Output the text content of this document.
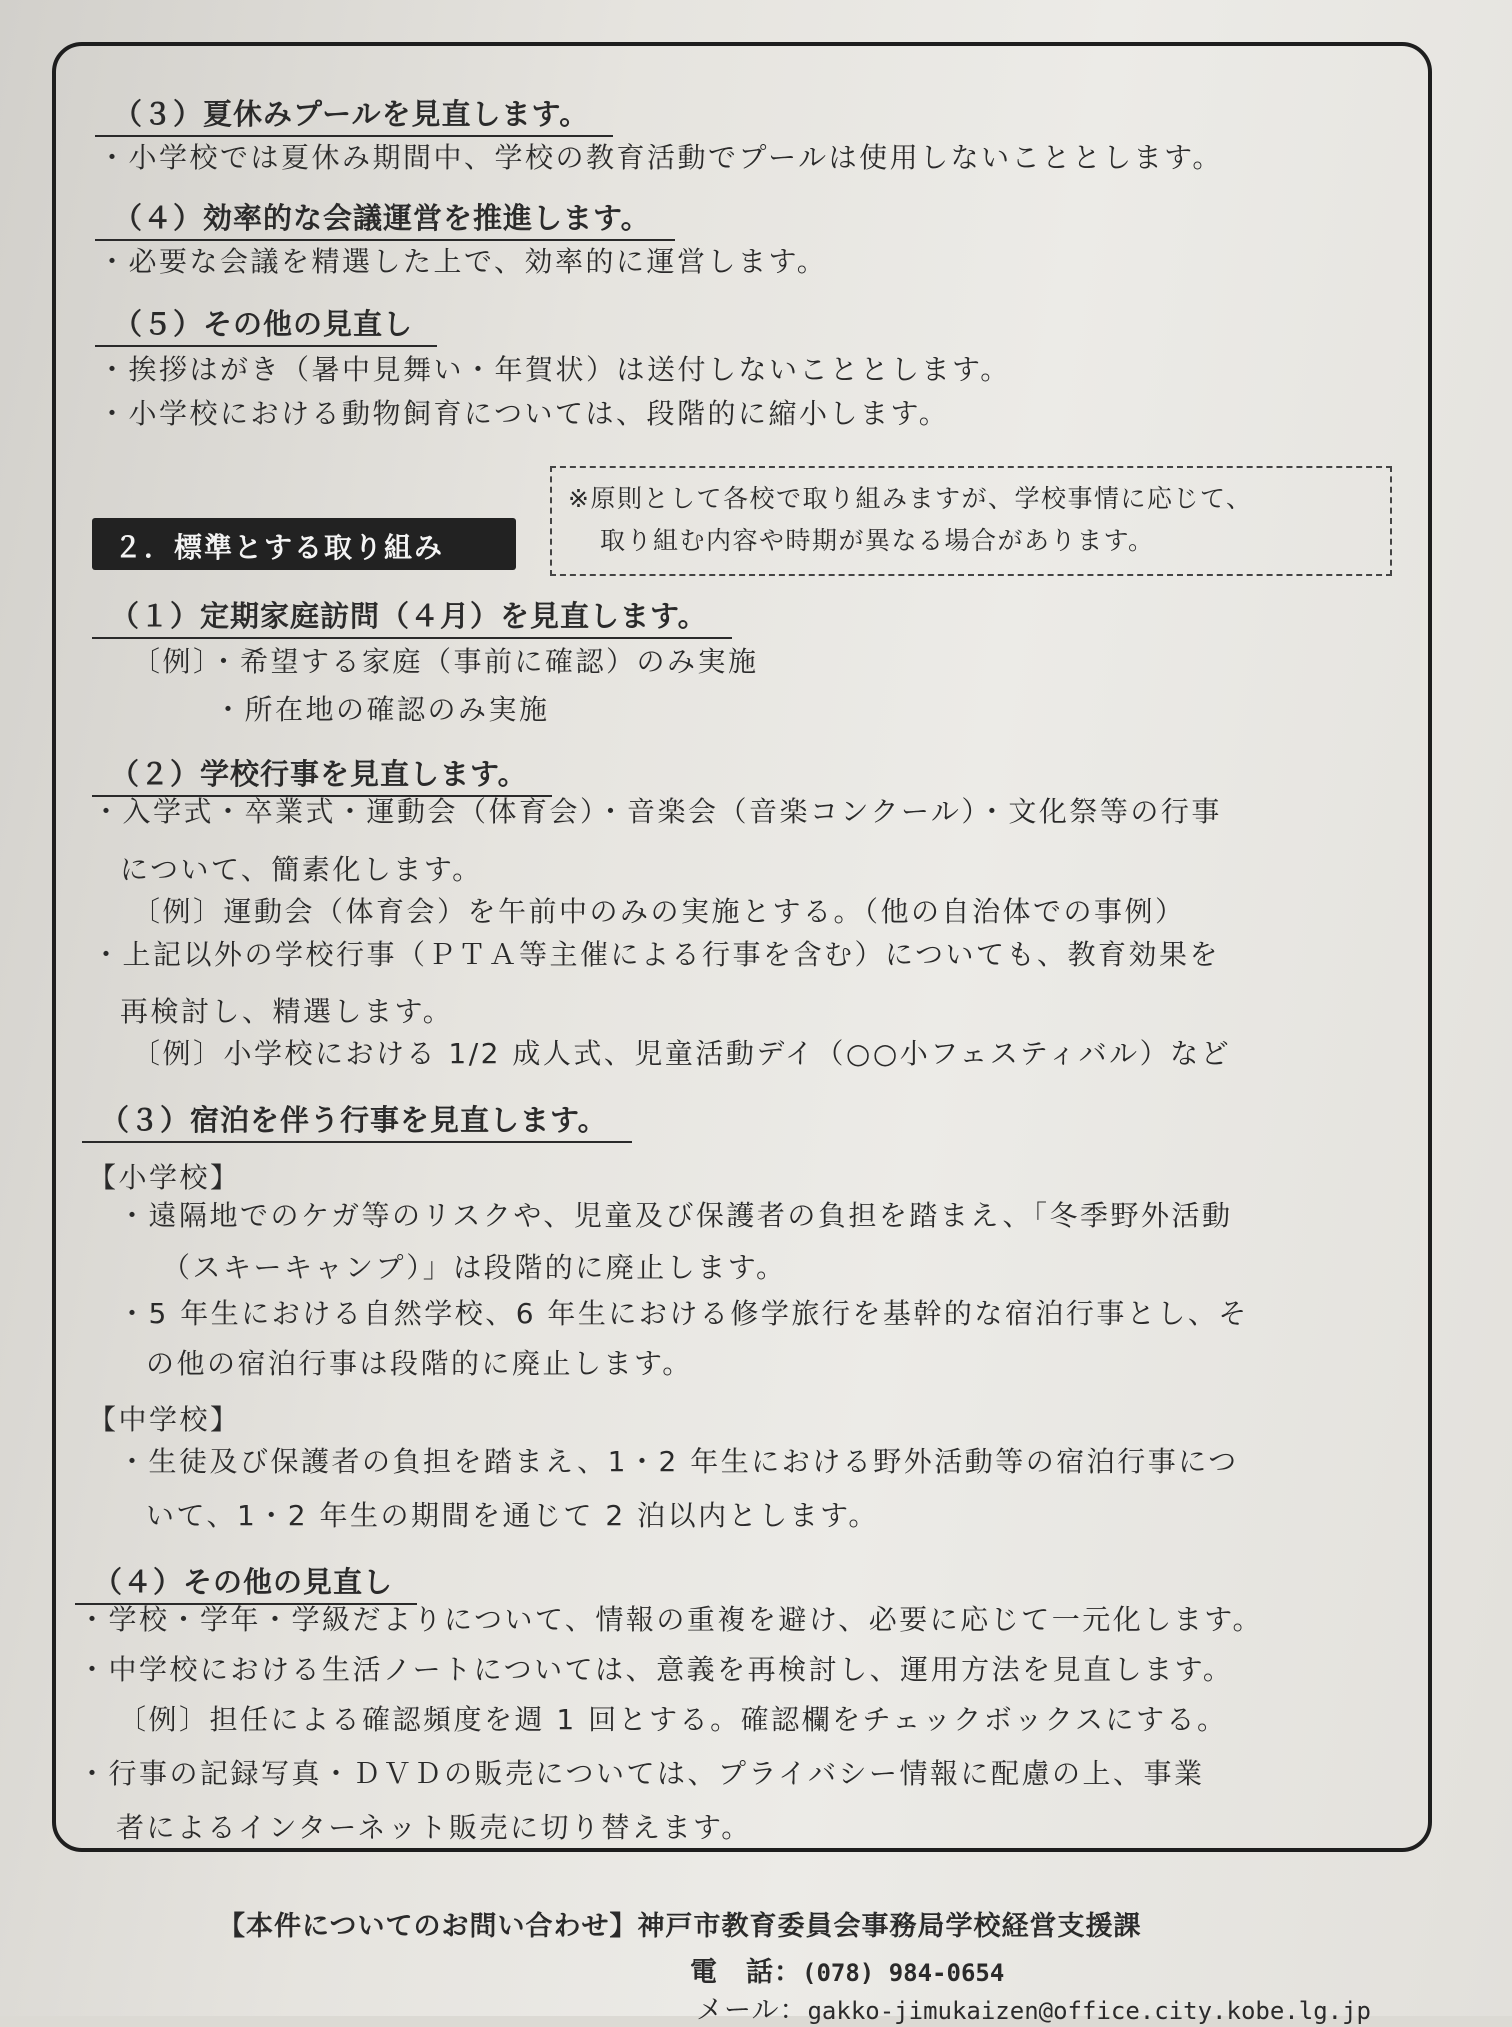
（３）夏休みプールを見直します。
・小学校では夏休み期間中、学校の教育活動でプールは使用しないこととします。
（４）効率的な会議運営を推進します。
・必要な会議を精選した上で、効率的に運営します。
（５）その他の見直し
・挨拶はがき（暑中見舞い・年賀状）は送付しないこととします。
・小学校における動物飼育については、段階的に縮小します。
※原則として各校で取り組みますが、学校事情に応じて、
取り組む内容や時期が異なる場合があります。
２．標準とする取り組み
（１）定期家庭訪問（４月）を見直します。
〔例〕・希望する家庭（事前に確認）のみ実施
・所在地の確認のみ実施
（２）学校行事を見直します。
・入学式・卒業式・運動会（体育会）・音楽会（音楽コンクール）・文化祭等の行事
について、簡素化します。
〔例〕運動会（体育会）を午前中のみの実施とする。（他の自治体での事例）
・上記以外の学校行事（ＰＴＡ等主催による行事を含む）についても、教育効果を
再検討し、精選します。
〔例〕小学校における 1/2 成人式、児童活動デイ（○○小フェスティバル）など
（３）宿泊を伴う行事を見直します。
【小学校】
・遠隔地でのケガ等のリスクや、児童及び保護者の負担を踏まえ、「冬季野外活動
（スキーキャンプ）」は段階的に廃止します。
・5 年生における自然学校、6 年生における修学旅行を基幹的な宿泊行事とし、そ
の他の宿泊行事は段階的に廃止します。
【中学校】
・生徒及び保護者の負担を踏まえ、1・2 年生における野外活動等の宿泊行事につ
いて、1・2 年生の期間を通じて 2 泊以内とします。
（４）その他の見直し
・学校・学年・学級だよりについて、情報の重複を避け、必要に応じて一元化します。
・中学校における生活ノートについては、意義を再検討し、運用方法を見直します。
〔例〕担任による確認頻度を週 1 回とする。確認欄をチェックボックスにする。
・行事の記録写真・ＤＶＤの販売については、プライバシー情報に配慮の上、事業
者によるインターネット販売に切り替えます。
【本件についてのお問い合わせ】神戸市教育委員会事務局学校経営支援課
電　話：(078) 984-0654
メール：gakko-jimukaizen@office.city.kobe.lg.jp
